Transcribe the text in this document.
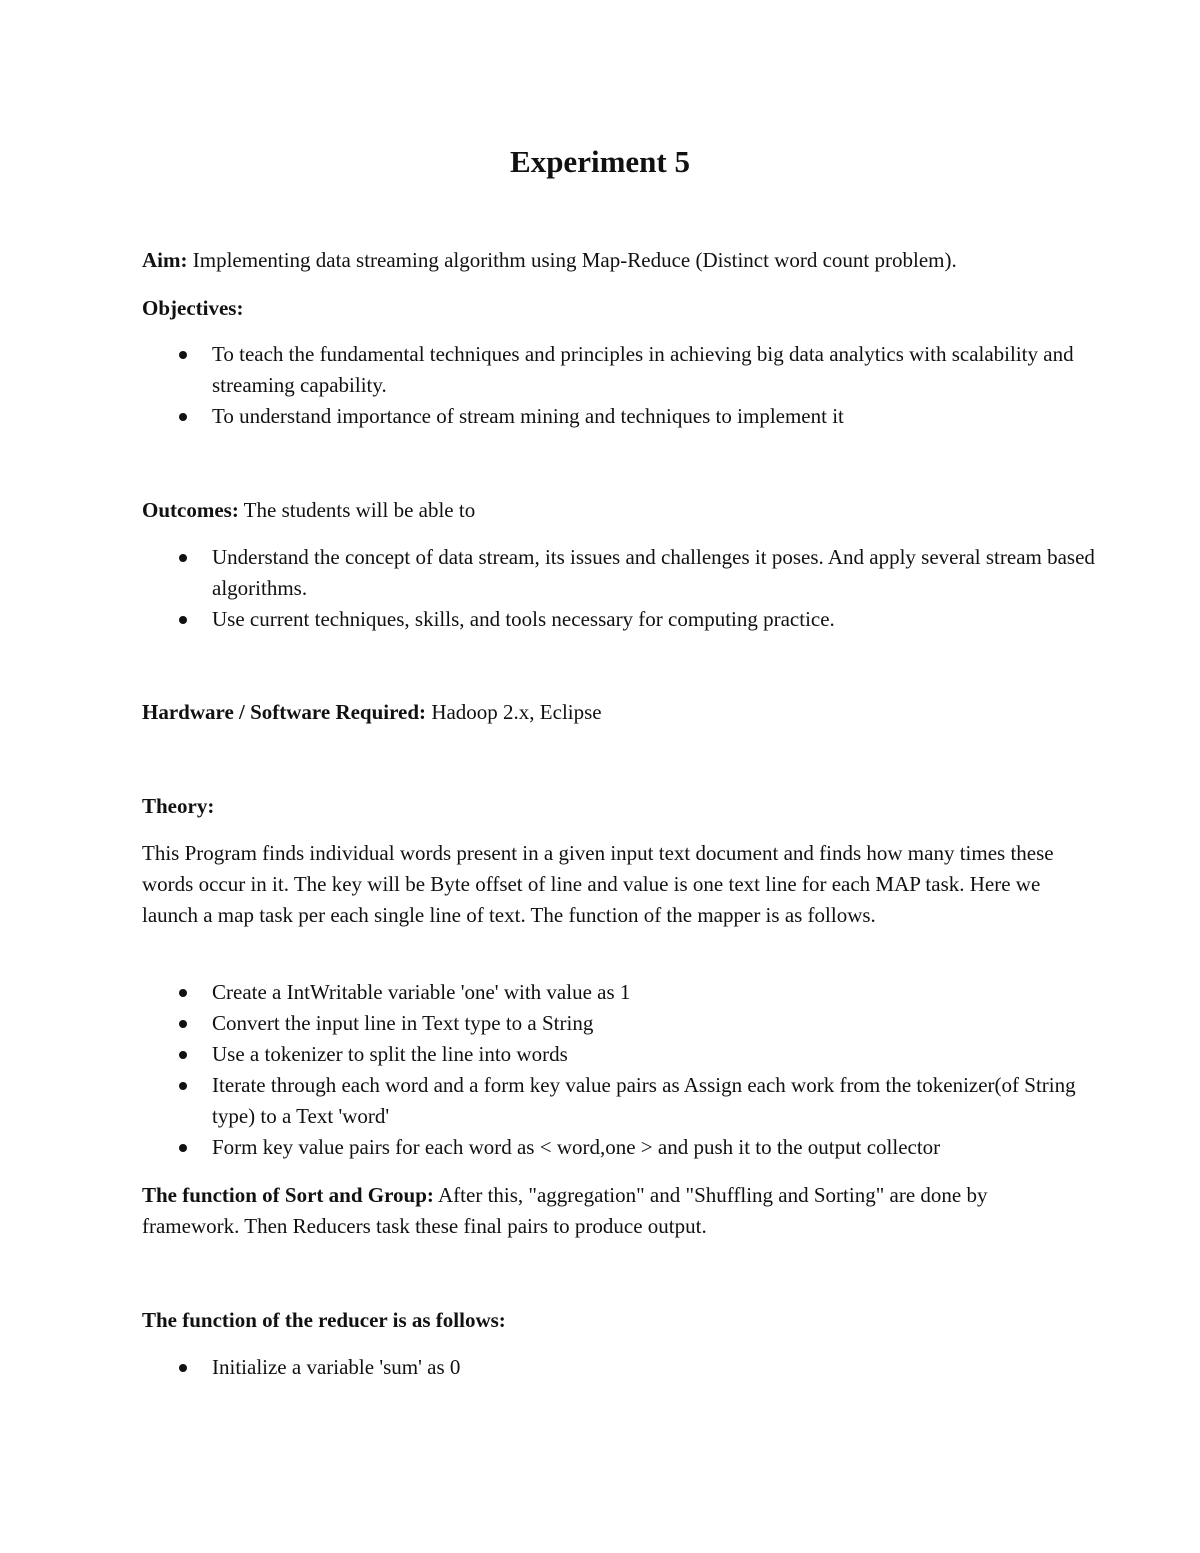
Experiment 5
Aim: Implementing data streaming algorithm using Map-Reduce (Distinct word count problem).
Objectives:
To teach the fundamental techniques and principles in achieving big data analytics with scalability and streaming capability.
To understand importance of stream mining and techniques to implement it
Outcomes: The students will be able to
Understand the concept of data stream, its issues and challenges it poses. And apply several stream based algorithms.
Use current techniques, skills, and tools necessary for computing practice.
Hardware / Software Required: Hadoop 2.x, Eclipse
Theory:
This Program finds individual words present in a given input text document and finds how many times these words occur in it. The key will be Byte offset of line and value is one text line for each MAP task. Here we launch a map task per each single line of text. The function of the mapper is as follows.
Create a IntWritable variable 'one' with value as 1
Convert the input line in Text type to a String
Use a tokenizer to split the line into words
Iterate through each word and a form key value pairs as Assign each work from the tokenizer(of String type) to a Text 'word'
Form key value pairs for each word as < word,one > and push it to the output collector
The function of Sort and Group: After this, "aggregation" and "Shuffling and Sorting" are done by framework. Then Reducers task these final pairs to produce output.
The function of the reducer is as follows:
Initialize a variable 'sum' as 0
